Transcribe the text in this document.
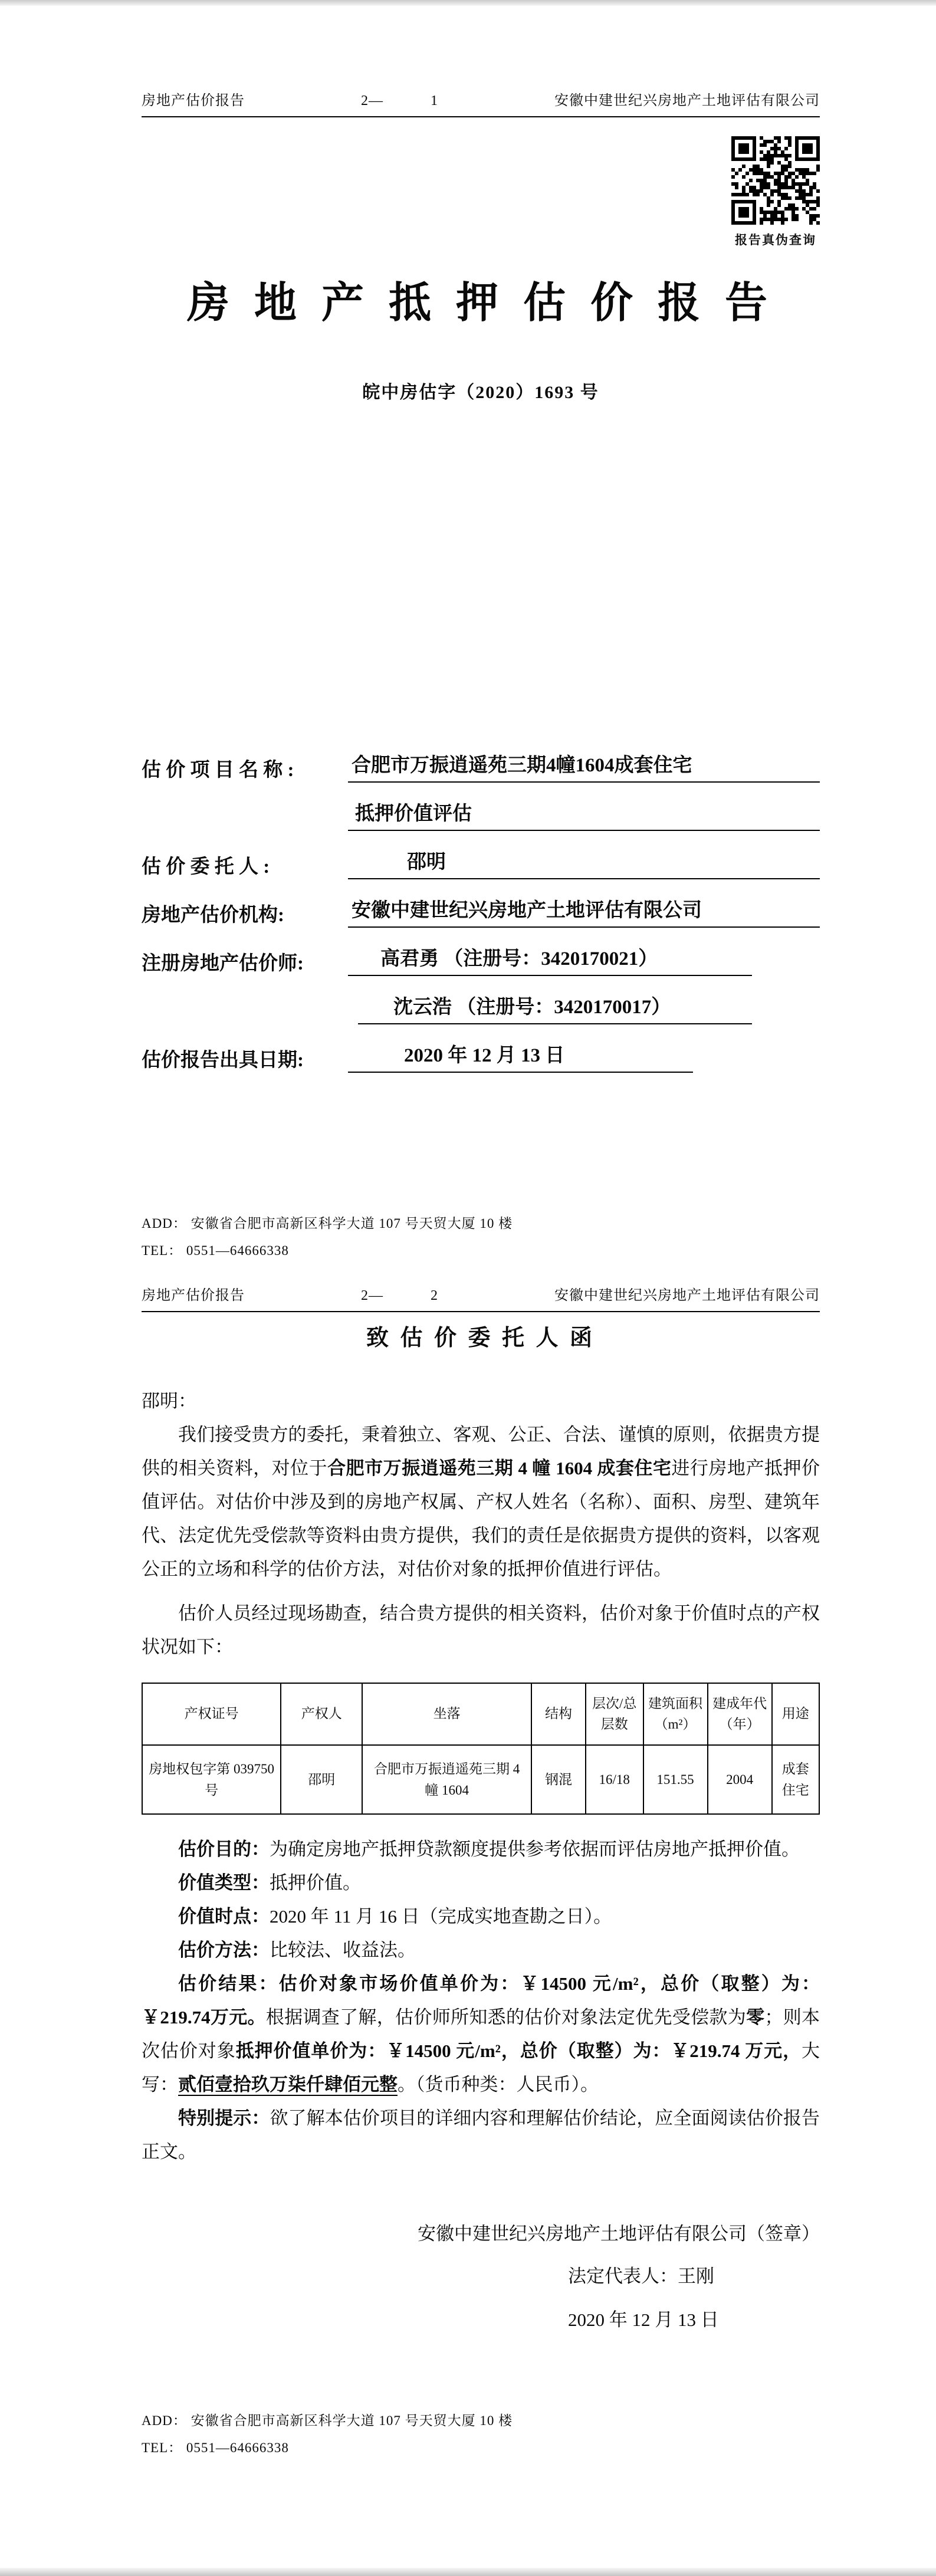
房地产估价报告	2—	1	安徽中建世纪兴房地产土地评估有限公司
报告真伪查询
房 地 产 抵 押 估 价 报 告
皖中房估字（2020）1693 号
估 价 项 目 名 称 :	合肥市万振逍遥苑三期4幢1604成套住宅
抵押价值评估
估 价 委 托 人 :	邵明
房地产估价机构:	安徽中建世纪兴房地产土地评估有限公司
注册房地产估价师:	高君勇 （注册号：3420170021）
沈云浩 （注册号：3420170017）
估价报告出具日期:	2020 年 12 月 13 日
ADD： 安徽省合肥市高新区科学大道 107 号天贸大厦 10 楼
TEL： 0551—64666338
房地产估价报告	2—	2	安徽中建世纪兴房地产土地评估有限公司
致 估 价 委 托 人 函
邵明：

我们接受贵方的委托，秉着独立、客观、公正、合法、谨慎的原则，依据贵方提供的相关资料，对位于合肥市万振逍遥苑三期 4 幢 1604 成套住宅进行房地产抵押价值评估。对估价中涉及到的房地产权属、产权人姓名（名称）、面积、房型、建筑年代、法定优先受偿款等资料由贵方提供，我们的责任是依据贵方提供的资料，以客观公正的立场和科学的估价方法，对估价对象的抵押价值进行评估。

估价人员经过现场勘查，结合贵方提供的相关资料，估价对象于价值时点的产权状况如下：

产权证号	产权人	坐落	结构	层次/总层数	建筑面积（m²）	建成年代（年）	用途
房地权包字第 039750 号	邵明	合肥市万振逍遥苑三期 4 幢 1604	钢混	16/18	151.55	2004	成套住宅

估价目的：为确定房地产抵押贷款额度提供参考依据而评估房地产抵押价值。

价值类型：抵押价值。

价值时点：2020 年 11 月 16 日（完成实地查勘之日）。

估价方法：比较法、收益法。

估价结果：估价对象市场价值单价为：￥14500 元/m²，总价（取整）为：￥219.74万元。根据调查了解，估价师所知悉的估价对象法定优先受偿款为零；则本次估价对象抵押价值单价为：￥14500 元/m²，总价（取整）为：￥219.74 万元，大写：贰佰壹拾玖万柒仟肆佰元整。（货币种类：人民币）。

特别提示：欲了解本估价项目的详细内容和理解估价结论，应全面阅读估价报告正文。

安徽中建世纪兴房地产土地评估有限公司（签章）
法定代表人：王刚
2020 年 12 月 13 日
ADD： 安徽省合肥市高新区科学大道 107 号天贸大厦 10 楼
TEL： 0551—64666338
